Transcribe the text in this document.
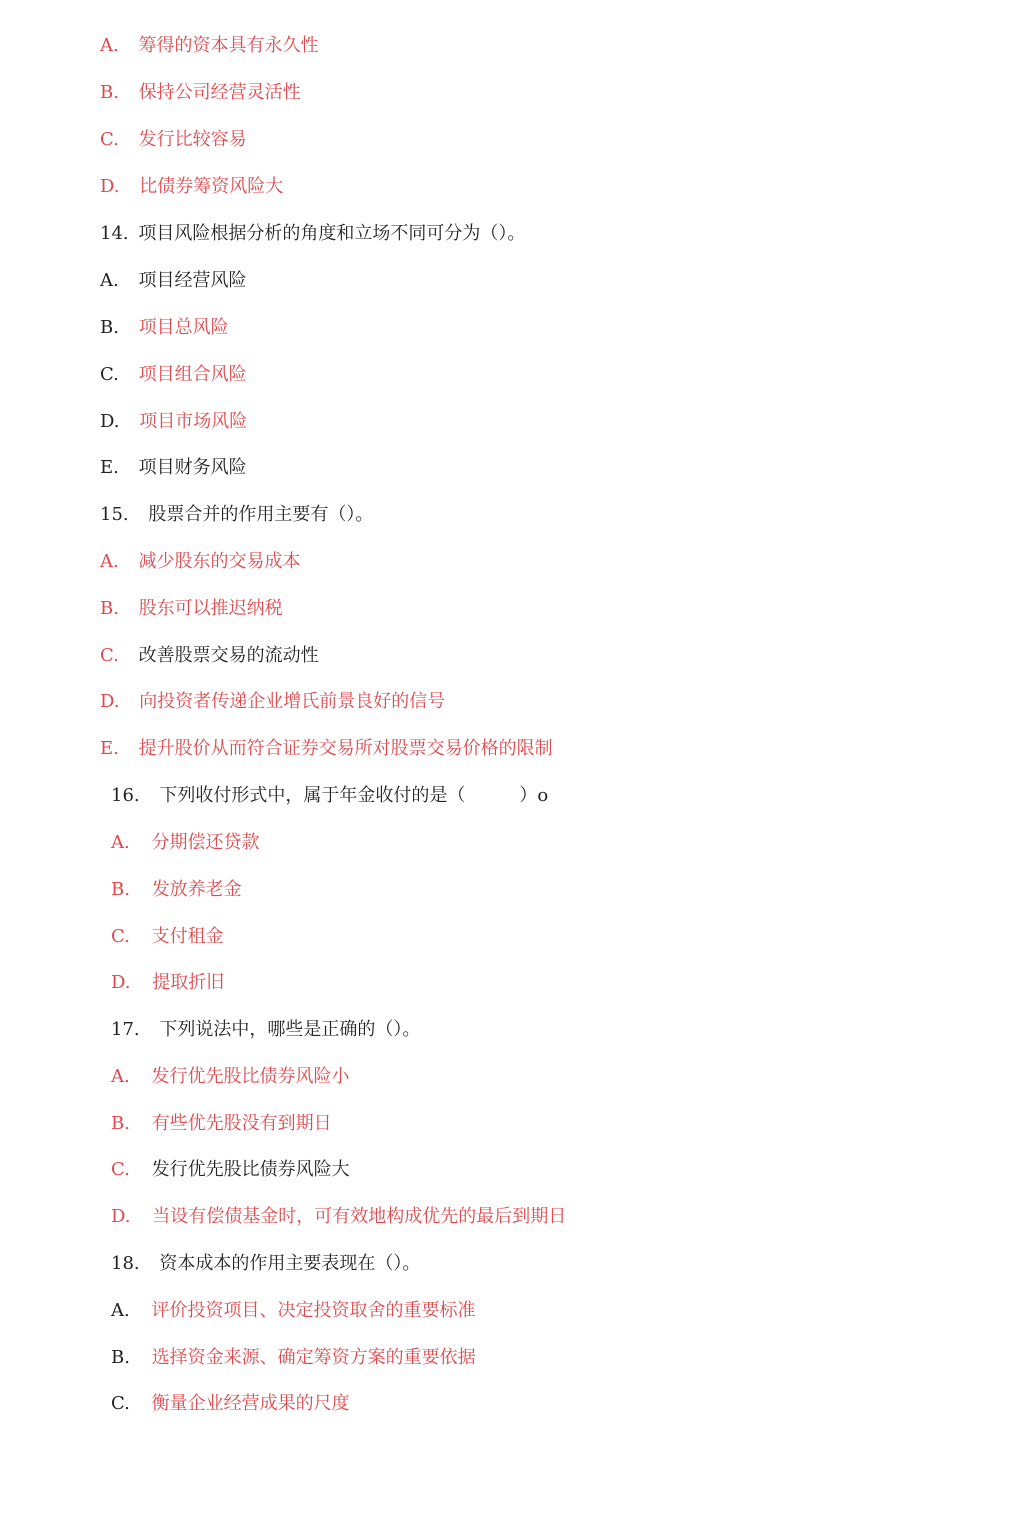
A. 筹得的资本具有永久性
B. 保持公司经营灵活性
C. 发行比较容易
D. 比债券筹资风险大
14. 项目风险根据分析的角度和立场不同可分为（）。
A. 项目经营风险
B. 项目总风险
C. 项目组合风险
D. 项目市场风险
E. 项目财务风险
15. 股票合并的作用主要有（）。
A. 减少股东的交易成本
B. 股东可以推迟纳税
C. 改善股票交易的流动性
D. 向投资者传递企业增氏前景良好的信号
E. 提升股价从而符合证券交易所对股票交易价格的限制
16. 下列收付形式中，属于年金收付的是（　　　）o
A. 分期偿还贷款
B. 发放养老金
C. 支付租金
D. 提取折旧
17. 下列说法中，哪些是正确的（）。
A. 发行优先股比债券风险小
B. 有些优先股没有到期日
C. 发行优先股比债券风险大
D. 当设有偿债基金时，可有效地构成优先的最后到期日
18. 资本成本的作用主要表现在（）。
A. 评价投资项目、决定投资取舍的重要标准
B. 选择资金来源、确定筹资方案的重要依据
C. 衡量企业经营成果的尺度
